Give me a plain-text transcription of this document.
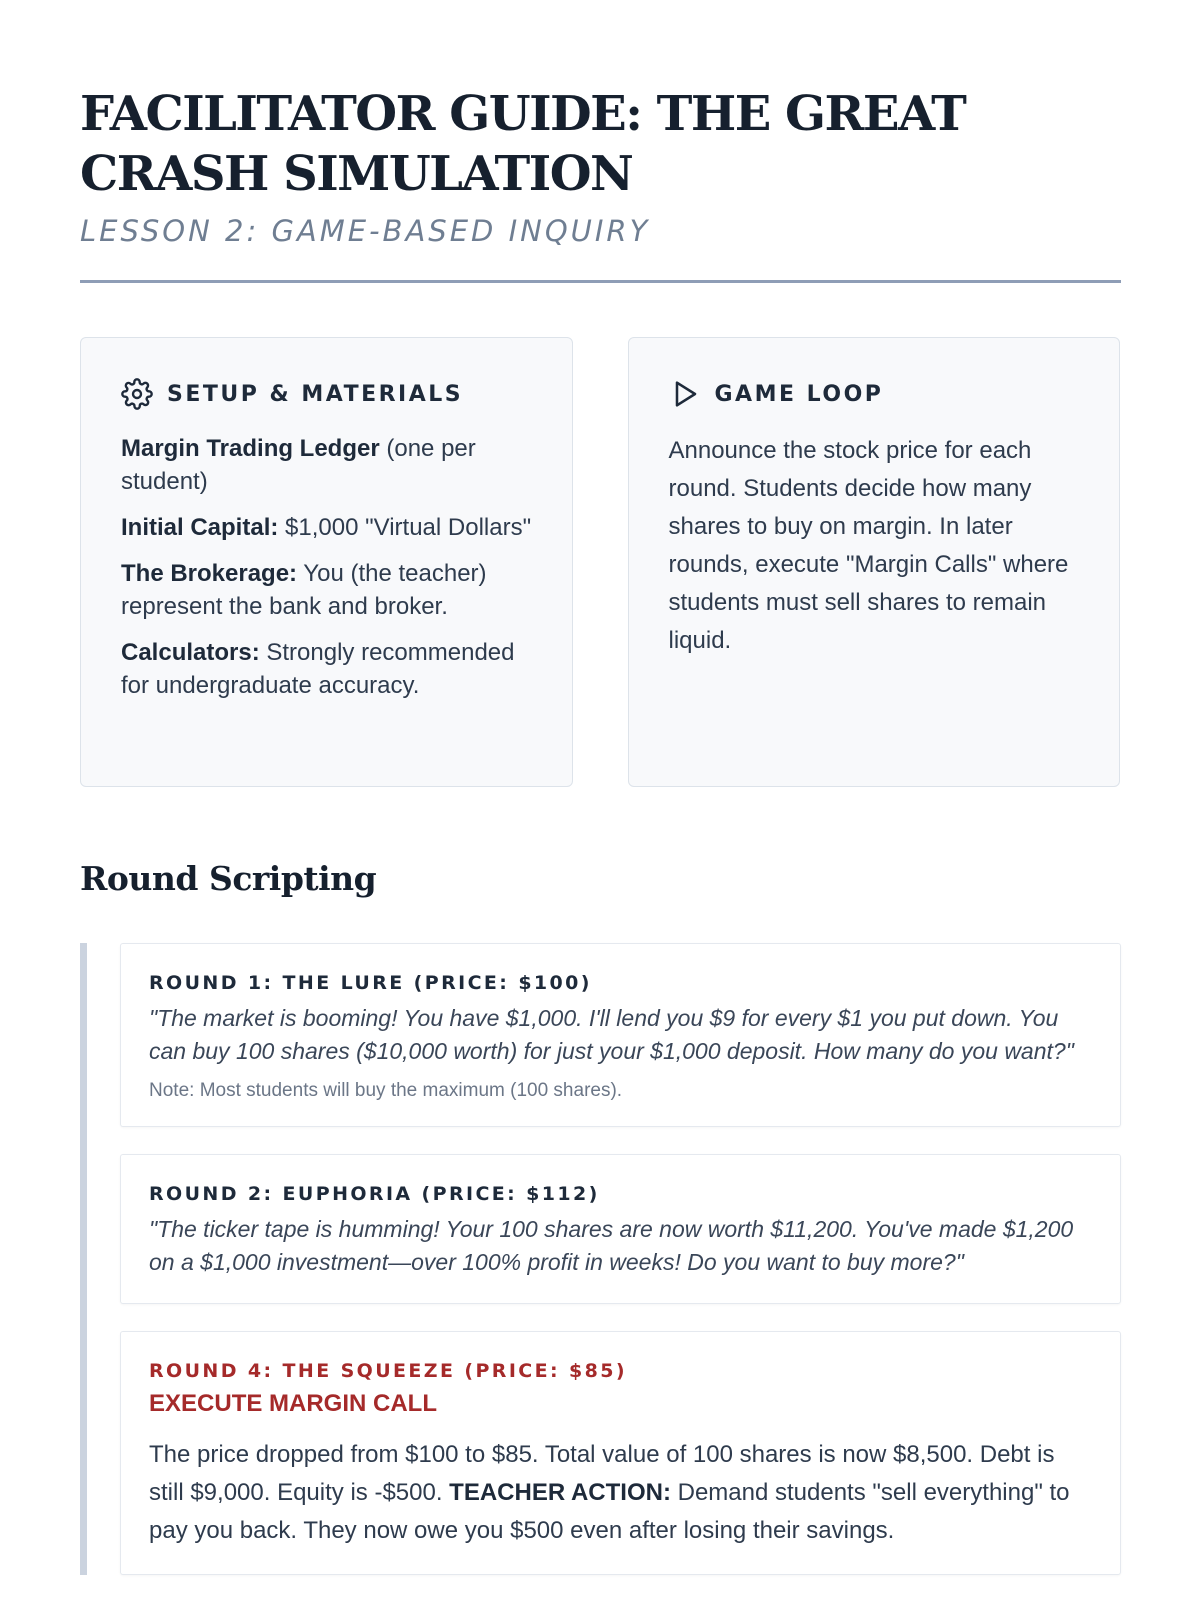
FACILITATOR GUIDE: THE GREAT CRASH SIMULATION
LESSON 2: GAME-BASED INQUIRY
SETUP & MATERIALS

Margin Trading Ledger (one per student)

Initial Capital: $1,000 "Virtual Dollars"

The Brokerage: You (the teacher) represent the bank and broker.

Calculators: Strongly recommended for undergraduate accuracy.

GAME LOOP

Announce the stock price for each round. Students decide how many shares to buy on margin. In later rounds, execute "Margin Calls" where students must sell shares to remain liquid.

Round Scripting
ROUND 1: THE LURE (PRICE: $100)

"The market is booming! You have $1,000. I'll lend you $9 for every $1 you put down. You can buy 100 shares ($10,000 worth) for just your $1,000 deposit. How many do you want?"

Note: Most students will buy the maximum (100 shares).

ROUND 2: EUPHORIA (PRICE: $112)

"The ticker tape is humming! Your 100 shares are now worth $11,200. You've made $1,200 on a $1,000 investment—over 100% profit in weeks! Do you want to buy more?"

ROUND 4: THE SQUEEZE (PRICE: $85)
EXECUTE MARGIN CALL

The price dropped from $100 to $85. Total value of 100 shares is now $8,500. Debt is still $9,000. Equity is -$500. TEACHER ACTION: Demand students "sell everything" to pay you back. They now owe you $500 even after losing their savings.
